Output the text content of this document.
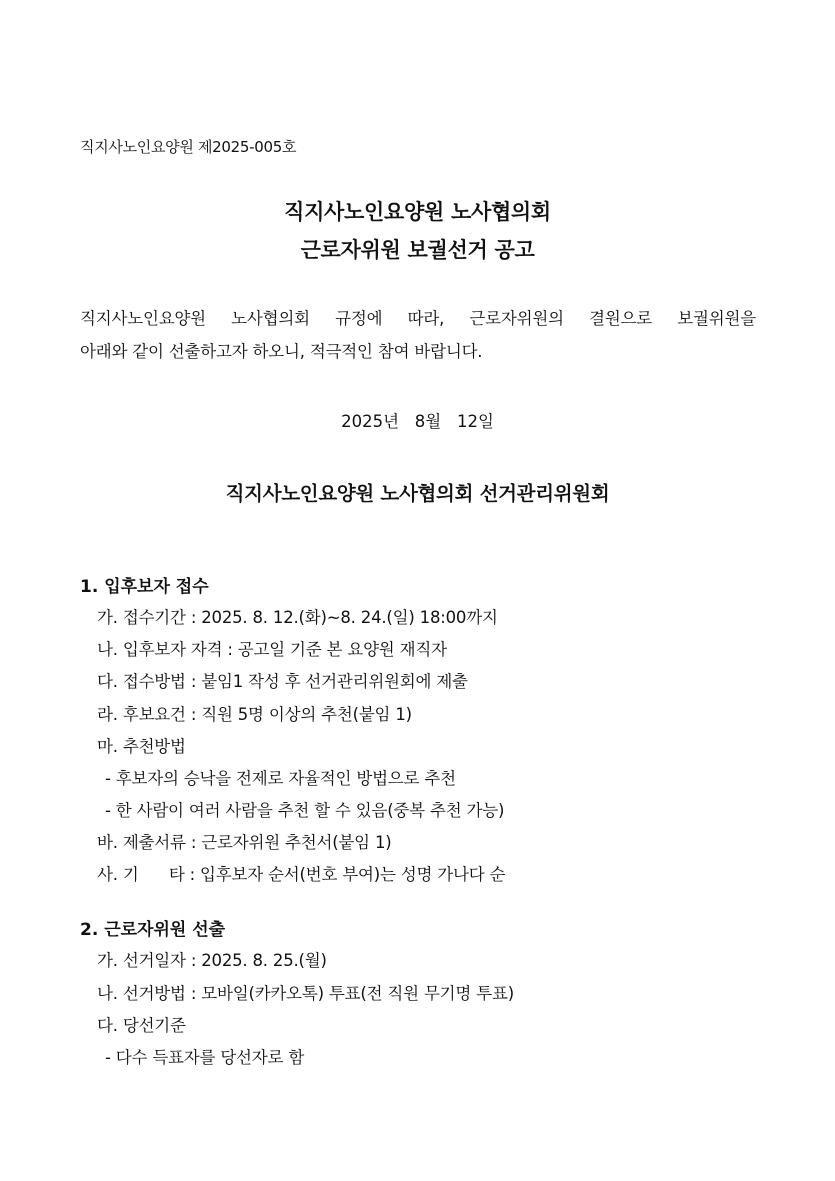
직지사노인요양원 제2025-005호
직지사노인요양원 노사협의회
근로자위원 보궐선거 공고
직지사노인요양원 노사협의회 규정에 따라, 근로자위원의 결원으로 보궐위원을
아래와 같이 선출하고자 하오니, 적극적인 참여 바랍니다.
2025년   8월   12일
직지사노인요양원 노사협의회 선거관리위원회
1. 입후보자 접수
가. 접수기간 : 2025. 8. 12.(화)~8. 24.(일) 18:00까지
나. 입후보자 자격 : 공고일 기준 본 요양원 재직자
다. 접수방법 : 붙임1 작성 후 선거관리위원회에 제출
라. 후보요건 : 직원 5명 이상의 추천(붙임 1)
마. 추천방법
- 후보자의 승낙을 전제로 자율적인 방법으로 추천
- 한 사람이 여러 사람을 추천 할 수 있음(중복 추천 가능)
바. 제출서류 : 근로자위원 추천서(붙임 1)
사. 기      타 : 입후보자 순서(번호 부여)는 성명 가나다 순
2. 근로자위원 선출
가. 선거일자 : 2025. 8. 25.(월)
나. 선거방법 : 모바일(카카오톡) 투표(전 직원 무기명 투표)
다. 당선기준
- 다수 득표자를 당선자로 함
